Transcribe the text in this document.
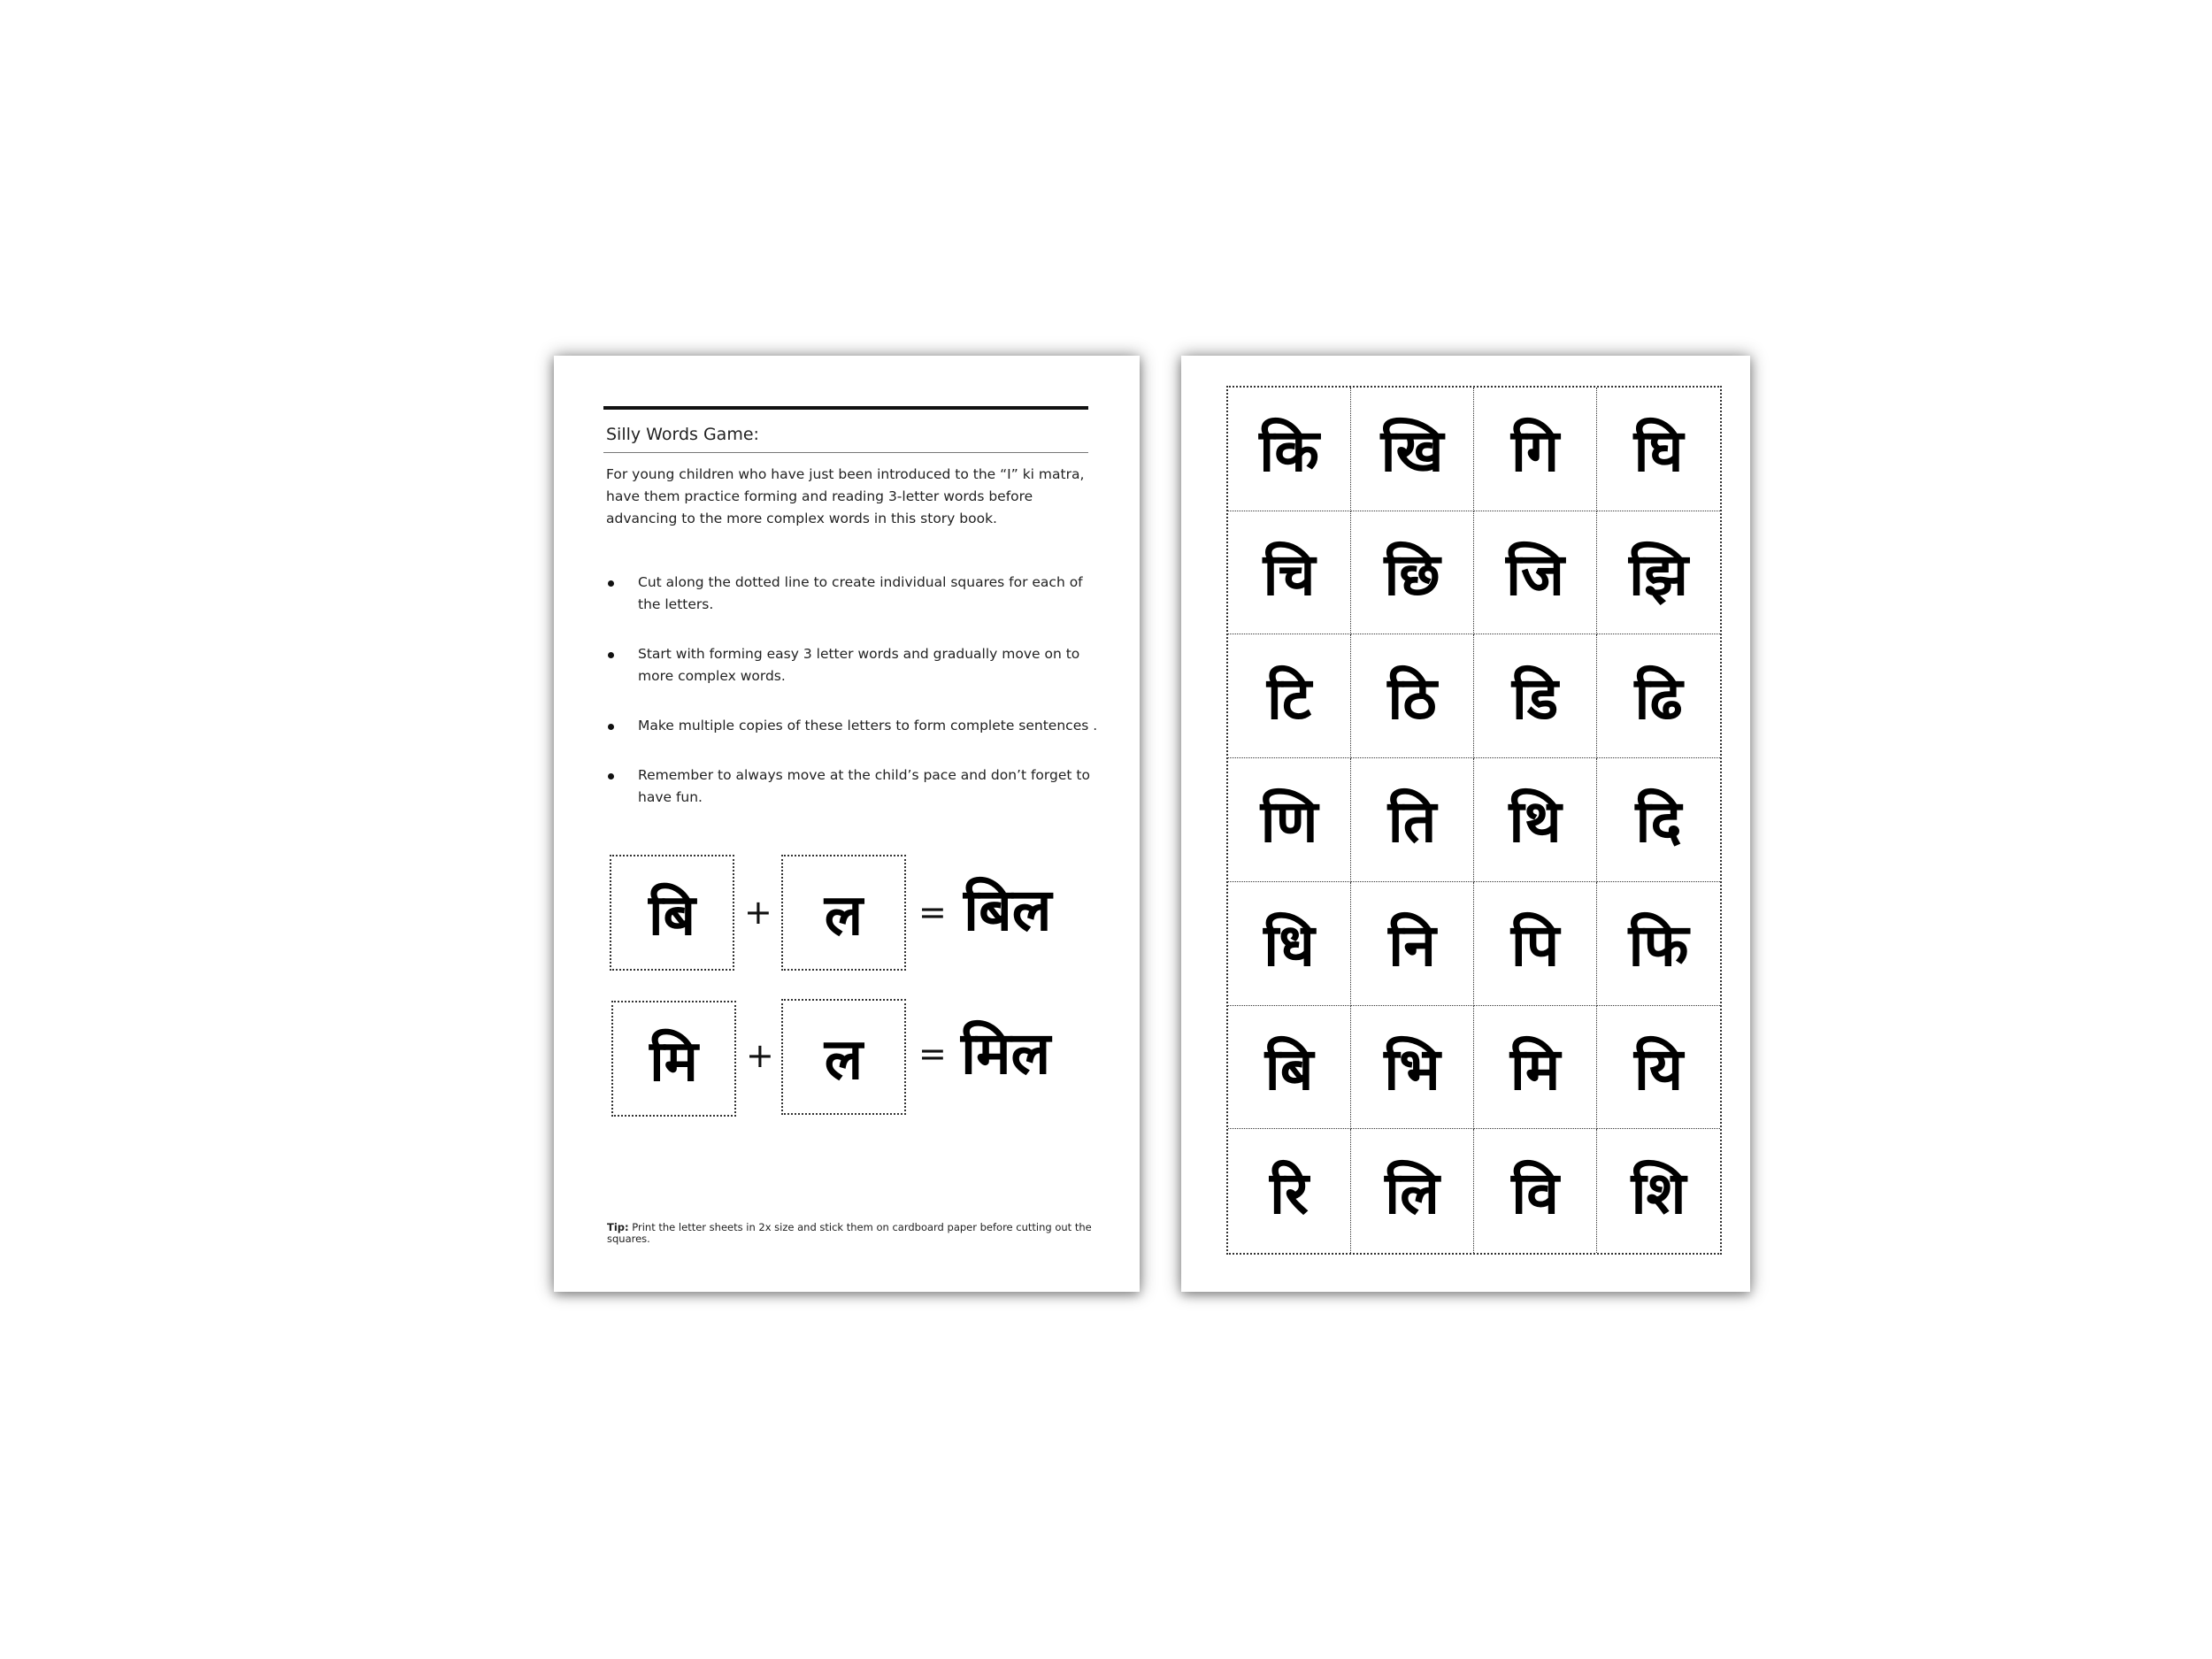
Silly Words Game:
For young children who have just been introduced to the “I” ki matra, have them practice forming and reading 3-letter words before advancing to the more complex words in this story book.
Cut along the dotted line to create individual squares for each of the letters.
Start with forming easy 3 letter words and gradually move on to more complex words.
Make multiple copies of these letters to form complete sentences .
Remember to always move at the child’s pace and don’t forget to have fun.
बि	+ ल	= बिल
मि	+ ल	= मिल
Tip: Print the letter sheets in 2x size and stick them on cardboard paper before cutting out the squares.
कि	खि	गि	घि
चि	छि	जि	झि
टि	ठि	डि	ढि
णि	ति	थि	दि
धि	नि	पि	फि
बि	भि	मि	यि
रि	लि	वि	शि
